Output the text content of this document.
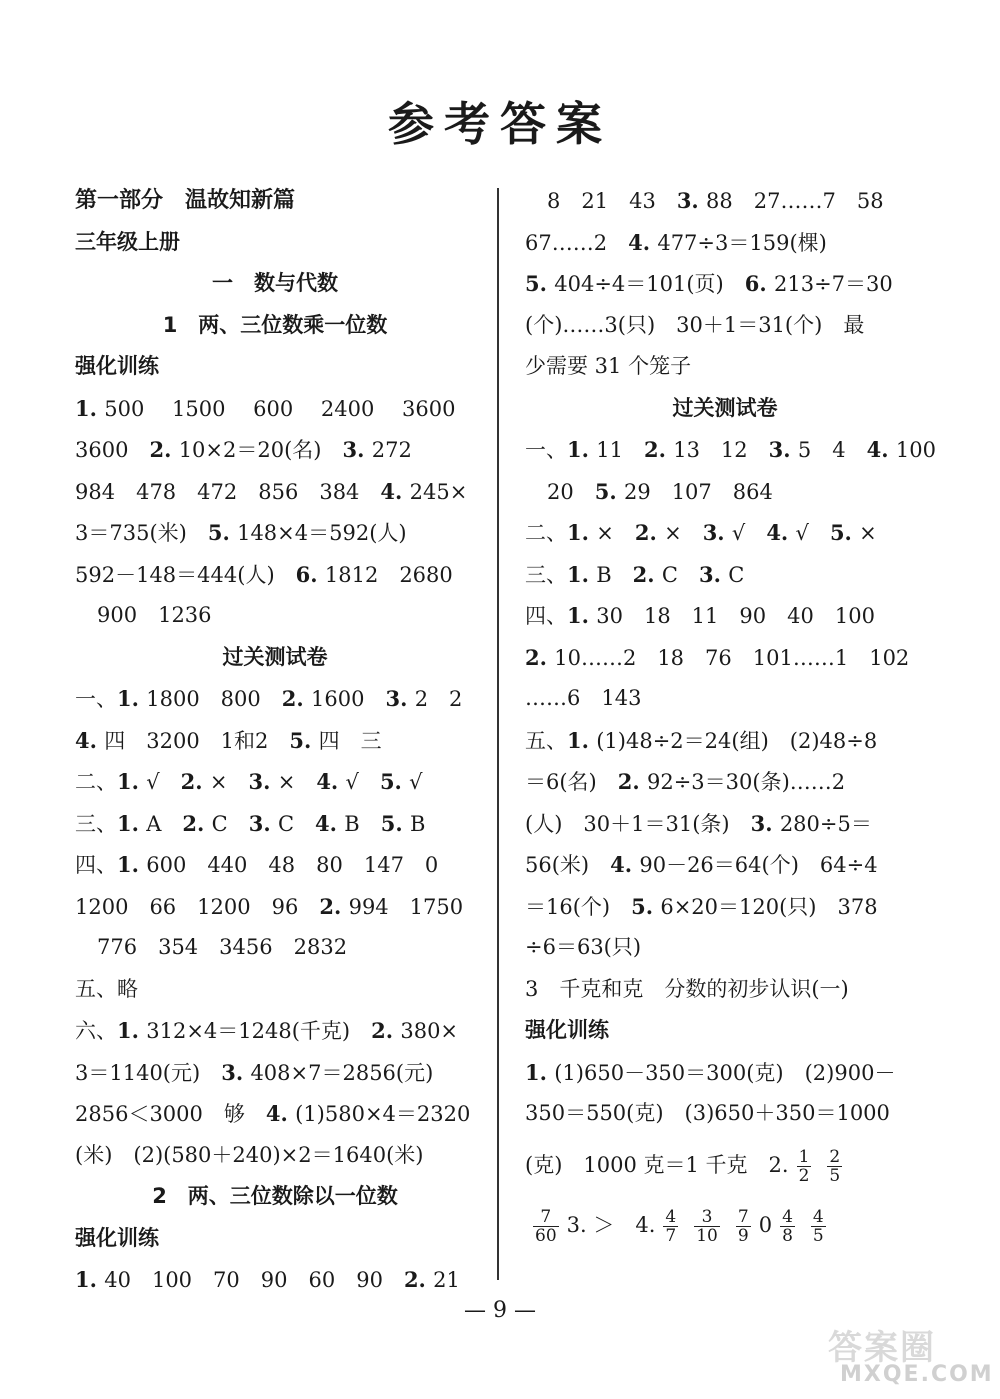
参考答案
第一部分　温故知新篇
三年级上册
一　数与代数
1　两、三位数乘一位数
强化训练
1. 500　 1500　 600　 2400　 3600
3600　2. 10×2＝20(名)　3. 272
984　478　472　856　384　4. 245×
3＝735(米)　5. 148×4＝592(人)
592－148＝444(人)　6. 1812　2680
900　1236
过关测试卷
一、1. 1800　800　2. 1600　3. 2　2
4. 四　3200　1和2　5. 四　三
二、1. √　2. ×　3. ×　4. √　5. √
三、1. A　2. C　3. C　4. B　5. B
四、1. 600　440　48　80　147　0
1200　66　1200　96　2. 994　1750
776　354　3456　2832
五、略
六、1. 312×4＝1248(千克)　2. 380×
3＝1140(元)　3. 408×7＝2856(元)
2856＜3000　够　4. (1)580×4＝2320
(米)　(2)(580＋240)×2＝1640(米)
2　两、三位数除以一位数
强化训练
1. 40　100　70　90　60　90　2. 21
8　21　43　3. 88　27……7　58
67……2　4. 477÷3＝159(棵)
5. 404÷4＝101(页)　6. 213÷7＝30
(个)……3(只)　30＋1＝31(个)　最
少需要 31 个笼子
过关测试卷
一、1. 11　2. 13　12　3. 5　4　4. 100
20　5. 29　107　864
二、1. ×　2. ×　3. √　4. √　5. ×
三、1. B　2. C　3. C
四、1. 30　18　11　90　40　100
2. 10……2　18　76　101……1　102
……6　143
五、1. (1)48÷2＝24(组)　(2)48÷8
＝6(名)　2. 92÷3＝30(条)……2
(人)　30＋1＝31(条)　3. 280÷5＝
56(米)　4. 90－26＝64(个)　64÷4
＝16(个)　5. 6×20＝120(只)　378
÷6＝63(只)
3　千克和克　分数的初步认识(一)
强化训练
1. (1)650－350＝300(克)　(2)900－
350＝550(克)　(3)650＋350＝1000
(克)　1000 克＝1 千克　2. $\frac{1}{2} \frac{2}{5}$
$\frac{7}{60} 3$. ＞　4. $\frac{4}{7} \frac{3}{10} \frac{7}{9} 0 \frac{4}{8} \frac{4}{5}$
— 9 —
答案圈
MXQE.COM
